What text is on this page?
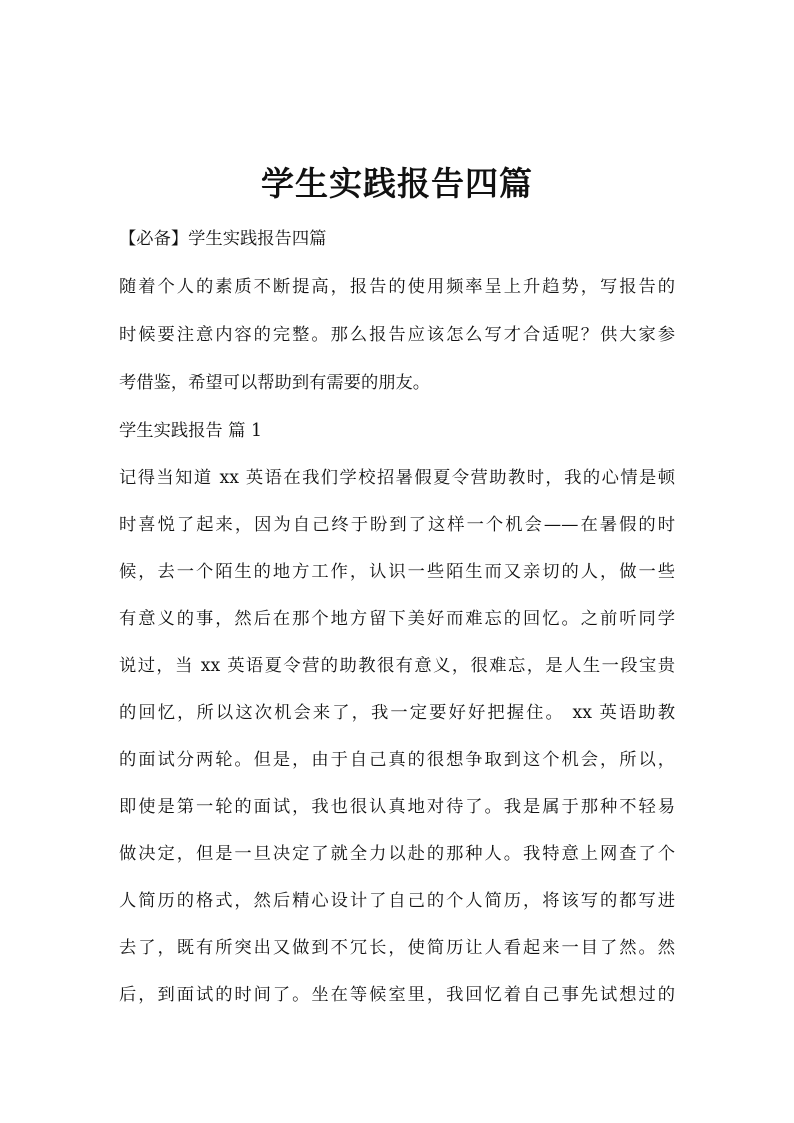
学生实践报告四篇

【必备】学生实践报告四篇

随着个人的素质不断提高，报告的使用频率呈上升趋势，写报告的

时候要注意内容的完整。那么报告应该怎么写才合适呢？供大家参

考借鉴，希望可以帮助到有需要的朋友。

学生实践报告 篇 1

记得当知道 xx 英语在我们学校招暑假夏令营助教时，我的心情是顿

时喜悦了起来，因为自己终于盼到了这样一个机会——在暑假的时

候，去一个陌生的地方工作，认识一些陌生而又亲切的人，做一些

有意义的事，然后在那个地方留下美好而难忘的回忆。之前听同学

说过，当 xx 英语夏令营的助教很有意义，很难忘，是人生一段宝贵

的回忆，所以这次机会来了，我一定要好好把握住。 xx 英语助教

的面试分两轮。但是，由于自己真的很想争取到这个机会，所以，

即使是第一轮的面试，我也很认真地对待了。我是属于那种不轻易

做决定，但是一旦决定了就全力以赴的那种人。我特意上网查了个

人简历的格式，然后精心设计了自己的个人简历，将该写的都写进

去了，既有所突出又做到不冗长，使简历让人看起来一目了然。然

后，到面试的时间了。坐在等候室里，我回忆着自己事先试想过的
